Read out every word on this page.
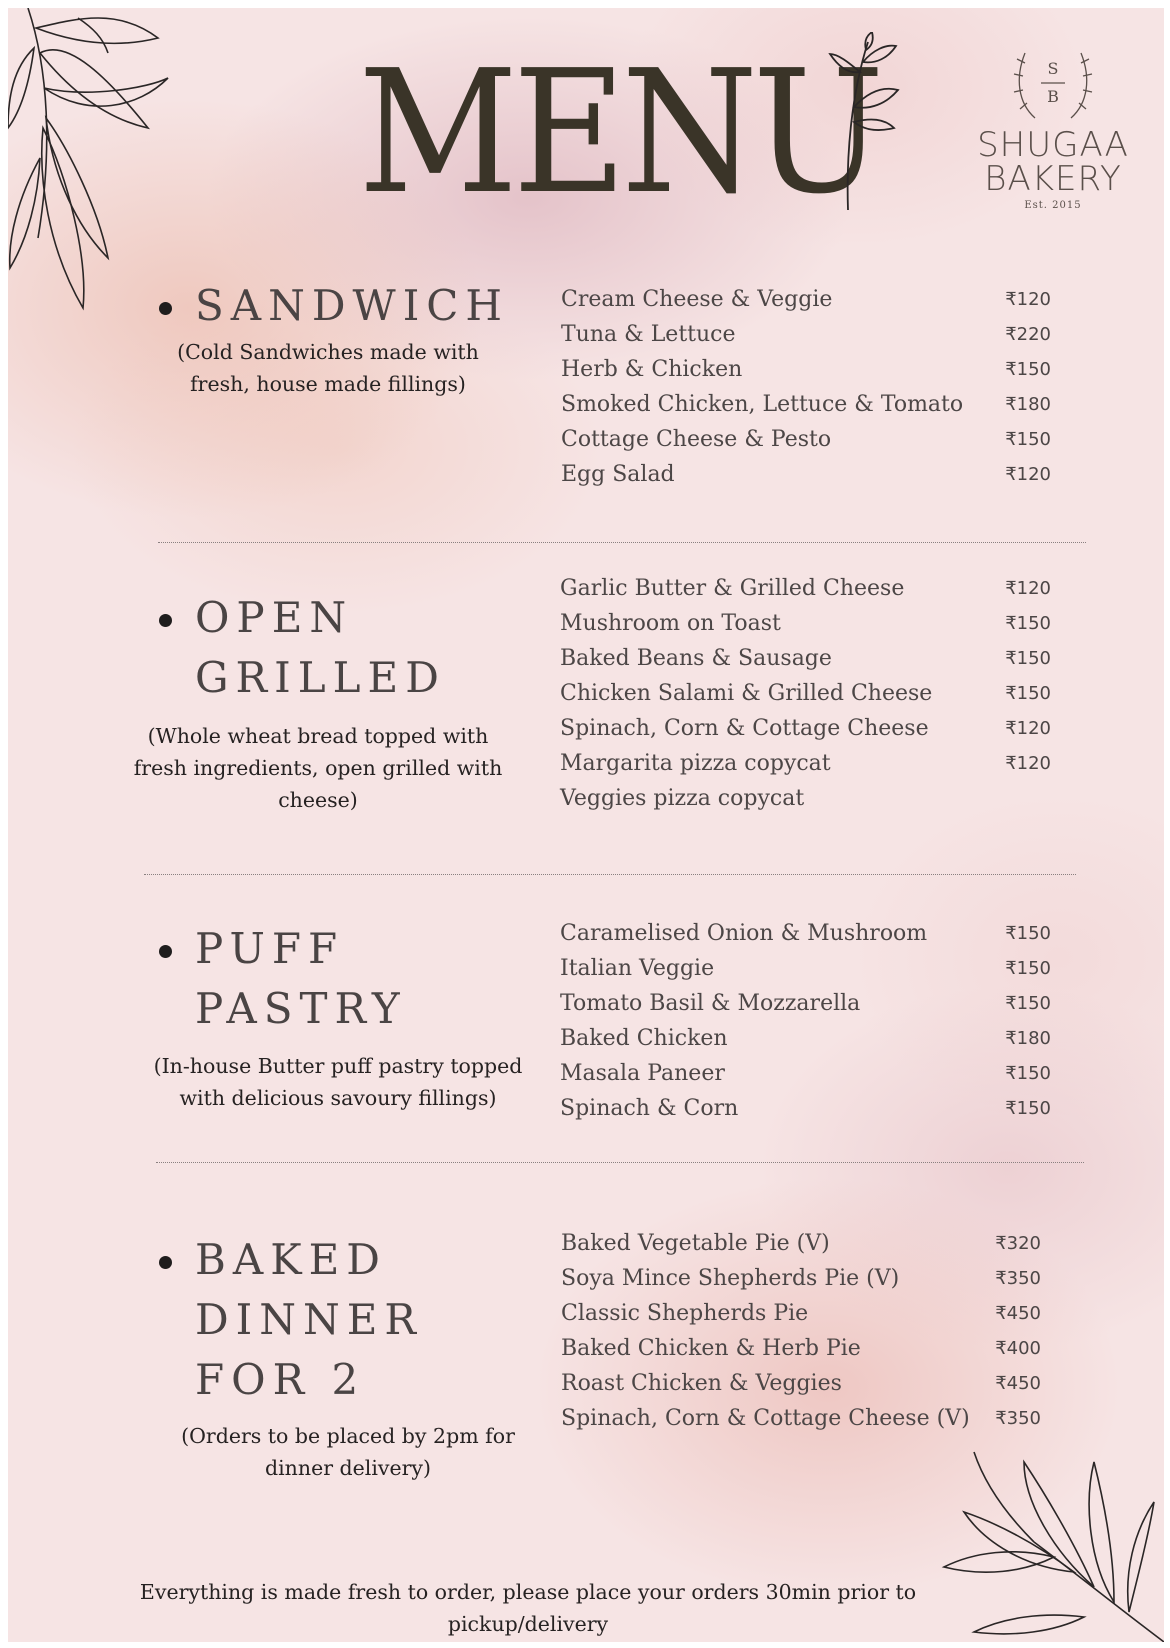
MENU	S
B
SHUGAA
BAKERY
Est. 2015
SANDWICH
(Cold Sandwiches made with fresh, house made fillings)
Cream Cheese & Veggie	₹120
Tuna & Lettuce	₹220
Herb & Chicken	₹150
Smoked Chicken, Lettuce & Tomato ₹180
Cottage Cheese & Pesto	₹150
Egg Salad	₹120
OPEN
GRILLED
(Whole wheat bread topped with fresh ingredients, open grilled with cheese)
Garlic Butter & Grilled Cheese	₹120
Mushroom on Toast	₹150
Baked Beans & Sausage	₹150
Chicken Salami & Grilled Cheese	₹150
Spinach, Corn & Cottage Cheese	₹120
Margarita pizza copycat	₹120
Veggies pizza copycat
PUFF
PASTRY
(In-house Butter puff pastry topped with delicious savoury fillings)
Caramelised Onion & Mushroom	₹150
Italian Veggie	₹150
Tomato Basil & Mozzarella	₹150
Baked Chicken	₹180
Masala Paneer	₹150
Spinach & Corn	₹150
BAKED
DINNER
FOR 2
(Orders to be placed by 2pm for dinner delivery)
Baked Vegetable Pie (V)	₹320
Soya Mince Shepherds Pie (V)	₹350
Classic Shepherds Pie	₹450
Baked Chicken & Herb Pie	₹400
Roast Chicken & Veggies	₹450
Spinach, Corn & Cottage Cheese (V) ₹350
Everything is made fresh to order, please place your orders 30min prior to pickup/delivery
